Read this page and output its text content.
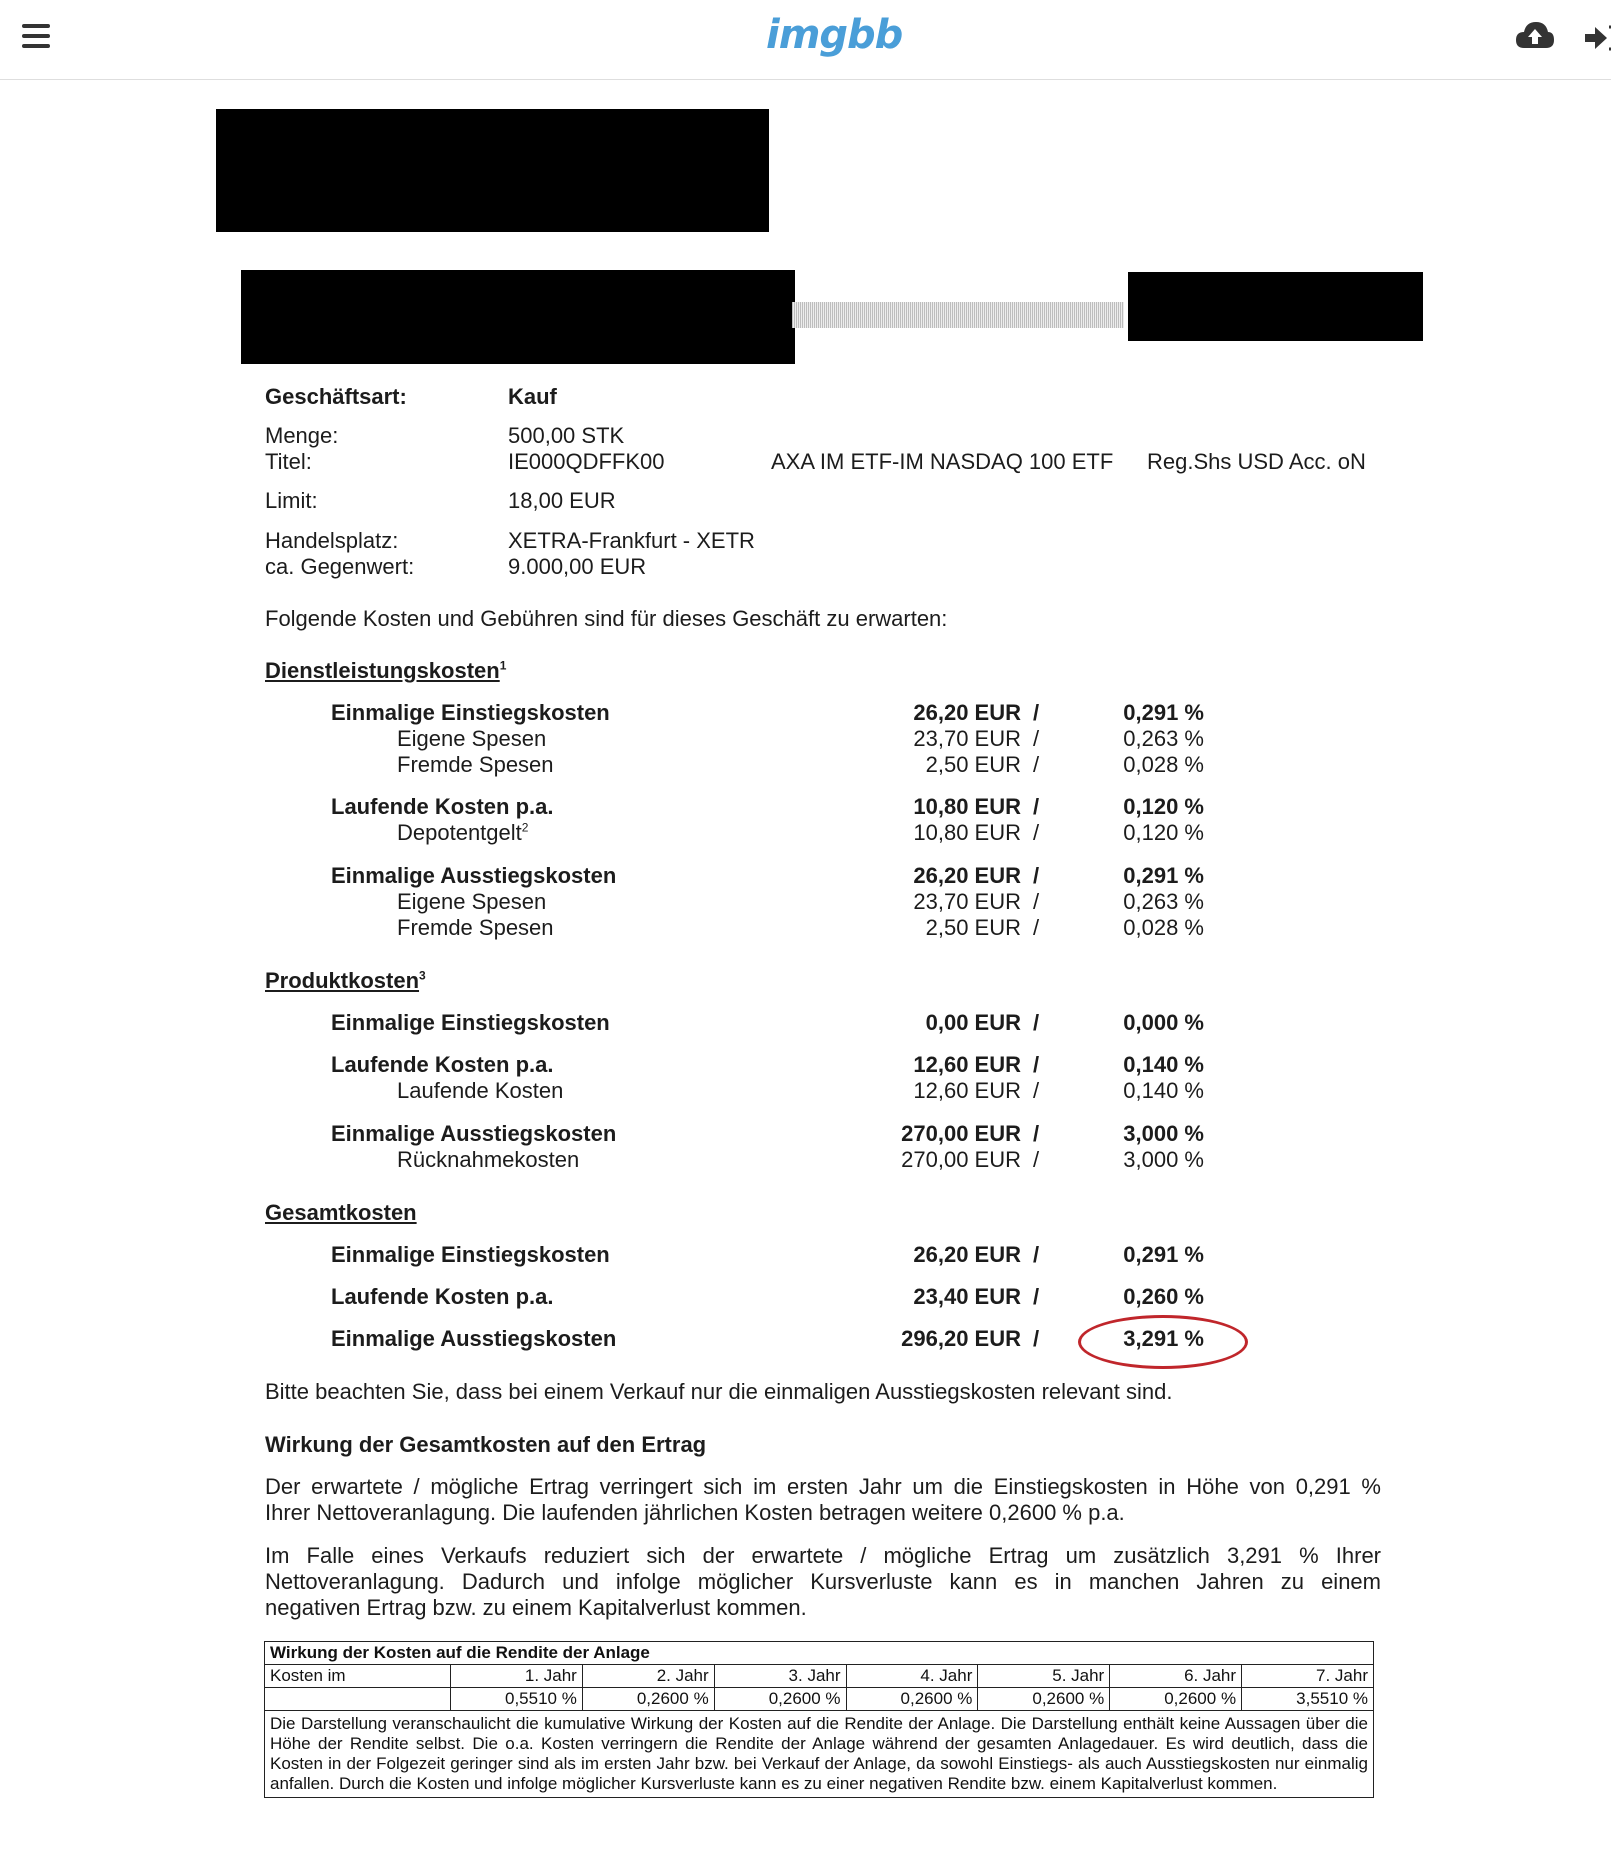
imgbb
Geschäftsart:	Kauf
Menge:	500,00 STK
Titel:	IE000QDFFK00	AXA IM ETF-IM NASDAQ 100 ETF Reg.Shs USD Acc. oN
Limit:	18,00 EUR
Handelsplatz:	XETRA-Frankfurt - XETR
ca. Gegenwert:	9.000,00 EUR
Folgende Kosten und Gebühren sind für dieses Geschäft zu erwarten:
Dienstleistungskosten$^1$
Einmalige Einstiegskosten	26,20 EUR /	0,291 %
Eigene Spesen	23,70 EUR /	0,263 %
Fremde Spesen	2,50 EUR /	0,028 %
Laufende Kosten p.a.	10,80 EUR /	0,120 %
Depotentgelt$^2$	10,80 EUR /	0,120 %
Einmalige Ausstiegskosten	26,20 EUR /	0,291 %
Eigene Spesen	23,70 EUR /	0,263 %
Fremde Spesen	2,50 EUR /	0,028 %
Produktkosten$^3$
Einmalige Einstiegskosten	0,00 EUR /	0,000 %
Laufende Kosten p.a.	12,60 EUR /	0,140 %
Laufende Kosten	12,60 EUR /	0,140 %
Einmalige Ausstiegskosten	270,00 EUR /	3,000 %
Rücknahmekosten	270,00 EUR /	3,000 %
Gesamtkosten
Einmalige Einstiegskosten	26,20 EUR /	0,291 %
Laufende Kosten p.a.	23,40 EUR /	0,260 %
Einmalige Ausstiegskosten	296,20 EUR /	3,291 %
Bitte beachten Sie, dass bei einem Verkauf nur die einmaligen Ausstiegskosten relevant sind.
Wirkung der Gesamtkosten auf den Ertrag
Der erwartete / mögliche Ertrag verringert sich im ersten Jahr um die Einstiegskosten in Höhe von 0,291 %
Ihrer Nettoveranlagung. Die laufenden jährlichen Kosten betragen weitere 0,2600 % p.a.
Im Falle eines Verkaufs reduziert sich der erwartete / mögliche Ertrag um zusätzlich 3,291 % Ihrer
Nettoveranlagung. Dadurch und infolge möglicher Kursverluste kann es in manchen Jahren zu einem
negativen Ertrag bzw. zu einem Kapitalverlust kommen.
Wirkung der Kosten auf die Rendite der Anlage							
Kosten im	1. Jahr	2. Jahr	3. Jahr	4. Jahr	5. Jahr	6. Jahr	7. Jahr
	0,5510 %	0,2600 %	0,2600 %	0,2600 %	0,2600 %	0,2600 %	3,5510 %
Die Darstellung veranschaulicht die kumulative Wirkung der Kosten auf die Rendite der Anlage. Die Darstellung enthält keine Aussagen über die Höhe der Rendite selbst. Die o.a. Kosten verringern die Rendite der Anlage während der gesamten Anlagedauer. Es wird deutlich, dass die Kosten in der Folgezeit geringer sind als im ersten Jahr bzw. bei Verkauf der Anlage, da sowohl Einstiegs- als auch Ausstiegskosten nur einmalig anfallen. Durch die Kosten und infolge möglicher Kursverluste kann es zu einer negativen Rendite bzw. einem Kapitalverlust kommen.							
